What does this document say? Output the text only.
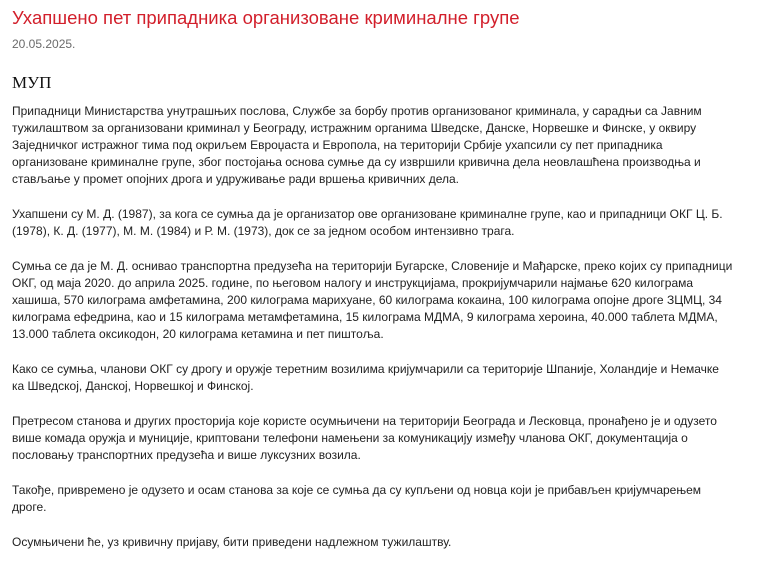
Ухапшено пет припадника организоване криминалне групе
20.05.2025.
МУП

Припадници Министарства унутрашњих послова, Службе за борбу против организованог криминала, у сарадњи са Јавним
тужилаштвом за организовани криминал у Београду, истражним органима Шведске, Данске, Норвешке и Финске, у оквиру
Заједничког истражног тима под окриљем Евроџаста и Европола, на територији Србије ухапсили су пет припадника
организоване криминалне групе, због постојања основа сумње да су извршили кривична дела неовлашћена производња и
стављање у промет опојних дрога и удруживање ради вршења кривичних дела.

Ухапшени су М. Д. (1987), за кога се сумња да је организатор ове организоване криминалне групе, као и припадници ОКГ Ц. Б.
(1978), К. Д. (1977), М. М. (1984) и Р. М. (1973), док се за једном особом интензивно трага.

Сумња се да је М. Д. оснивао транспортна предузећа на територији Бугарске, Словеније и Мађарске, преко којих су припадници
ОКГ, од маја 2020. до априла 2025. године, по његовом налогу и инструкцијама, прокријумчарили најмање 620 килограма
хашиша, 570 килограма амфетамина, 200 килограма марихуане, 60 килограма кокаина, 100 килограма опојне дроге ЗЦМЦ, 34
килограма ефедрина, као и 15 килограма метамфетамина, 15 килограма МДМА, 9 килограма хероина, 40.000 таблета МДМА,
13.000 таблета оксикодон, 20 килограма кетамина и пет пиштоља.

Како се сумња, чланови ОКГ су дрогу и оружје теретним возилима кријумчарили са територије Шпаније, Холандије и Немачке
ка Шведској, Данској, Норвешкој и Финској.

Претресом станова и других просторија које користе осумњичени на територији Београда и Лесковца, пронађено је и одузето
више комада оружја и муниције, криптовани телефони намењени за комуникацију између чланова ОКГ, документација о
пословању транспортних предузећа и више луксузних возила.

Такође, привремено је одузето и осам станова за које се сумња да су купљени од новца који је прибављен кријумчарењем
дроге.

Осумњичени ће, уз кривичну пријаву, бити приведени надлежном тужилаштву.
